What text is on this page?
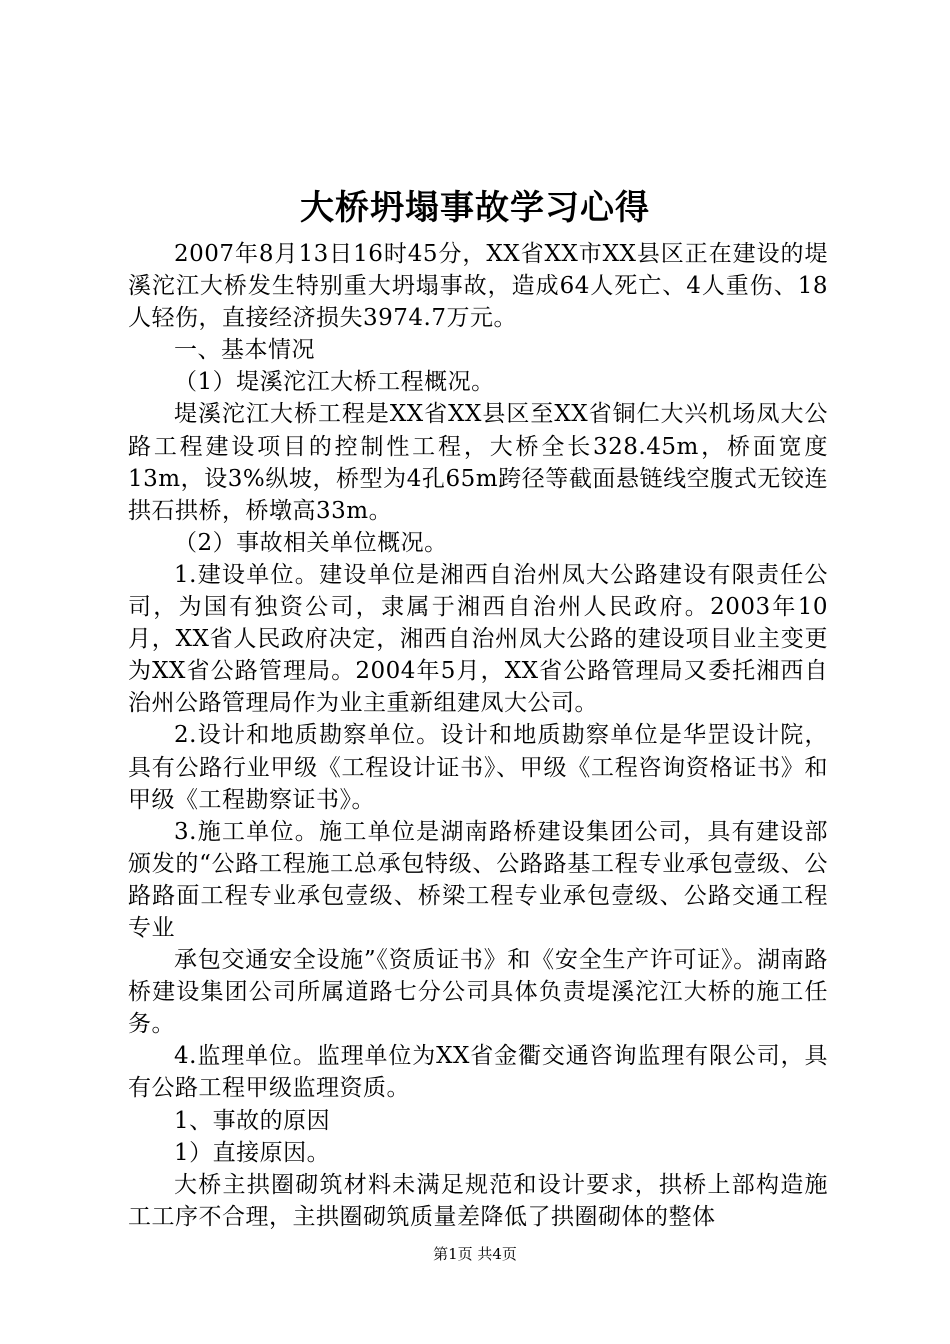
大桥坍塌事故学习心得

2007年8月13日16时45分，XX省XX市XX县区正在建设的堤溪沱江大桥发生特别重大坍塌事故，造成64人死亡、4人重伤、18人轻伤，直接经济损失3974.7万元。

一、基本情况

（1）堤溪沱江大桥工程概况。

堤溪沱江大桥工程是XX省XX县区至XX省铜仁大兴机场凤大公路工程建设项目的控制性工程，大桥全长328.45m，桥面宽度13m，设3%纵坡，桥型为4孔65m跨径等截面悬链线空腹式无铰连拱石拱桥，桥墩高33m。

（2）事故相关单位概况。

1.建设单位。建设单位是湘西自治州凤大公路建设有限责任公司，为国有独资公司，隶属于湘西自治州人民政府。2003年10月，XX省人民政府决定，湘西自治州凤大公路的建设项目业主变更为XX省公路管理局。2004年5月，XX省公路管理局又委托湘西自治州公路管理局作为业主重新组建凤大公司。

2.设计和地质勘察单位。设计和地质勘察单位是华罡设计院，具有公路行业甲级《工程设计证书》、甲级《工程咨询资格证书》和甲级《工程勘察证书》。

3.施工单位。施工单位是湖南路桥建设集团公司，具有建设部颁发的“公路工程施工总承包特级、公路路基工程专业承包壹级、公路路面工程专业承包壹级、桥梁工程专业承包壹级、公路交通工程专业

承包交通安全设施”《资质证书》和《安全生产许可证》。湖南路桥建设集团公司所属道路七分公司具体负责堤溪沱江大桥的施工任务。

4.监理单位。监理单位为XX省金衢交通咨询监理有限公司，具有公路工程甲级监理资质。

1、事故的原因

1）直接原因。

大桥主拱圈砌筑材料未满足规范和设计要求，拱桥上部构造施工工序不合理，主拱圈砌筑质量差降低了拱圈砌体的整体

第1页 共4页
